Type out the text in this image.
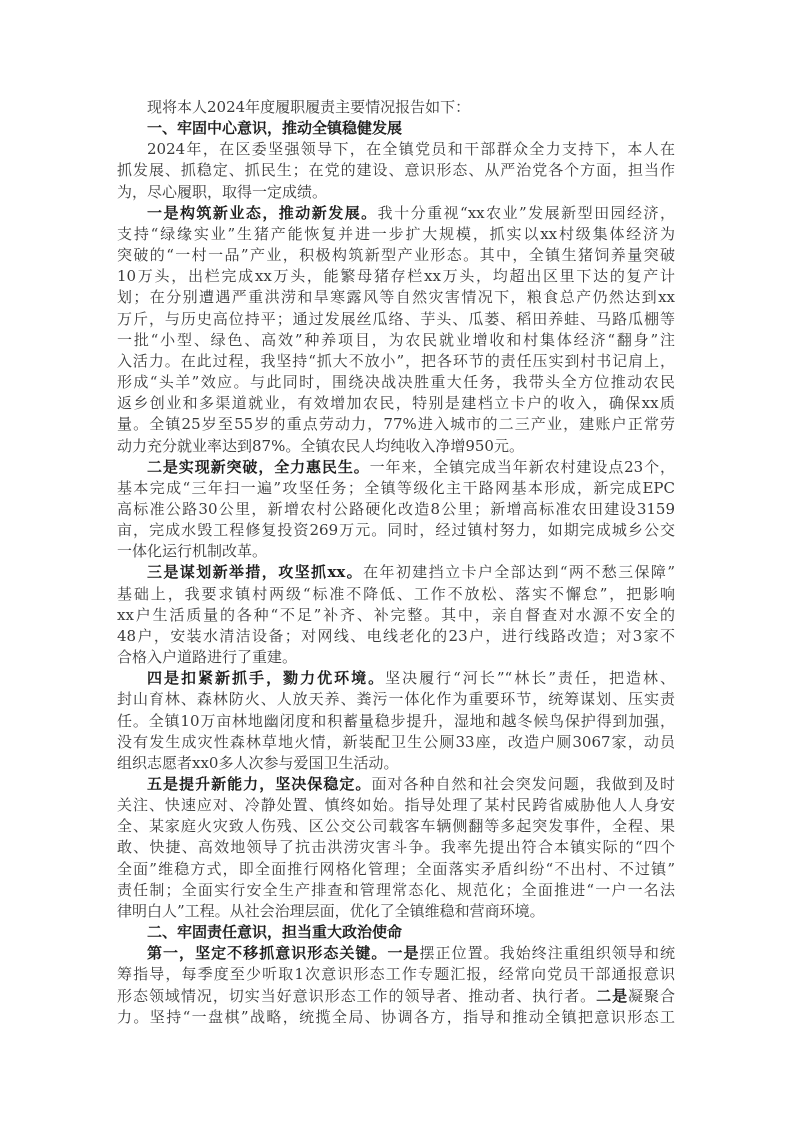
现将本人2024年度履职履责主要情况报告如下：

一、牢固中心意识，推动全镇稳健发展

2024年，在区委坚强领导下，在全镇党员和干部群众全力支持下，本人在
抓发展、抓稳定、抓民生；在党的建设、意识形态、从严治党各个方面，担当作
为，尽心履职，取得一定成绩。
一是构筑新业态，推动新发展。我十分重视“xx农业”发展新型田园经济，
支持“绿缘实业”生猪产能恢复并进一步扩大规模，抓实以xx村级集体经济为
突破的“一村一品”产业，积极构筑新型产业形态。其中，全镇生猪饲养量突破
10万头，出栏完成xx万头，能繁母猪存栏xx万头，均超出区里下达的复产计
划；在分别遭遇严重洪涝和旱寒露风等自然灾害情况下，粮食总产仍然达到xx
万斤，与历史高位持平；通过发展丝瓜络、芋头、瓜蒌、稻田养蛙、马路瓜棚等
一批“小型、绿色、高效”种养项目，为农民就业增收和村集体经济“翻身”注
入活力。在此过程，我坚持“抓大不放小”，把各环节的责任压实到村书记肩上，
形成“头羊”效应。与此同时，围绕决战决胜重大任务，我带头全方位推动农民
返乡创业和多渠道就业，有效增加农民，特别是建档立卡户的收入，确保xx质
量。全镇25岁至55岁的重点劳动力，77%进入城市的二三产业，建账户正常劳
动力充分就业率达到87%。全镇农民人均纯收入净增950元。
二是实现新突破，全力惠民生。一年来，全镇完成当年新农村建设点23个，
基本完成“三年扫一遍”攻坚任务；全镇等级化主干路网基本形成，新完成EPC
高标准公路30公里，新增农村公路硬化改造8公里；新增高标准农田建设3159
亩，完成水毁工程修复投资269万元。同时，经过镇村努力，如期完成城乡公交
一体化运行机制改革。
三是谋划新举措，攻坚抓xx。在年初建挡立卡户全部达到“两不愁三保障”
基础上，我要求镇村两级“标准不降低、工作不放松、落实不懈怠”，把影响
xx户生活质量的各种“不足”补齐、补完整。其中，亲自督查对水源不安全的
48户，安装水清洁设备；对网线、电线老化的23户，进行线路改造；对3家不
合格入户道路进行了重建。
四是扣紧新抓手，勠力优环境。坚决履行“河长”“林长”责任，把造林、
封山育林、森林防火、人放天养、粪污一体化作为重要环节，统筹谋划、压实责
任。全镇10万亩林地幽闭度和积蓄量稳步提升，湿地和越冬候鸟保护得到加强，
没有发生成灾性森林草地火情，新装配卫生公厕33座，改造户厕3067家，动员
组织志愿者xx0多人次参与爱国卫生活动。
五是提升新能力，坚决保稳定。面对各种自然和社会突发问题，我做到及时
关注、快速应对、冷静处置、慎终如始。指导处理了某村民跨省威胁他人人身安
全、某家庭火灾致人伤残、区公交公司载客车辆侧翻等多起突发事件，全程、果
敢、快捷、高效地领导了抗击洪涝灾害斗争。我率先提出符合本镇实际的“四个
全面”维稳方式，即全面推行网格化管理；全面落实矛盾纠纷“不出村、不过镇”
责任制；全面实行安全生产排查和管理常态化、规范化；全面推进“一户一名法
律明白人”工程。从社会治理层面，优化了全镇维稳和营商环境。

二、牢固责任意识，担当重大政治使命

第一，坚定不移抓意识形态关键。一是摆正位置。我始终注重组织领导和统
筹指导，每季度至少听取1次意识形态工作专题汇报，经常向党员干部通报意识
形态领域情况，切实当好意识形态工作的领导者、推动者、执行者。二是凝聚合
力。坚持“一盘棋”战略，统揽全局、协调各方，指导和推动全镇把意识形态工
